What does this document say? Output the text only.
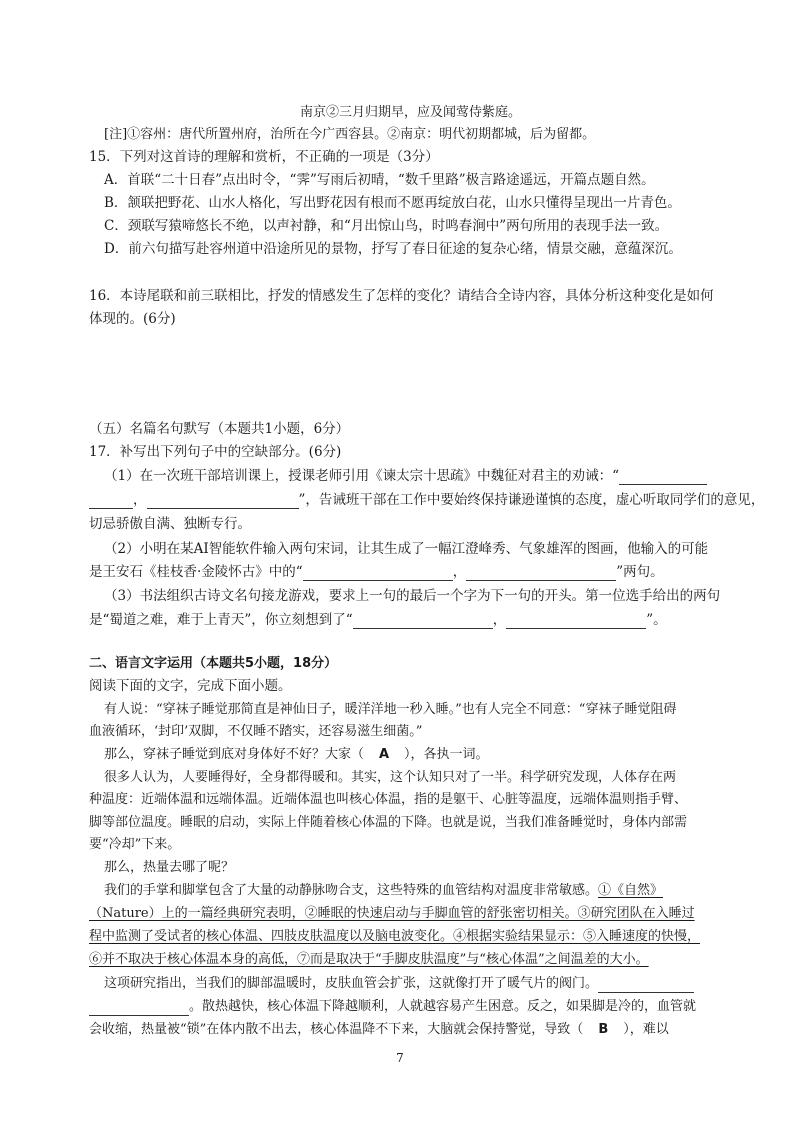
南京②三月归期早，应及闻莺侍紫庭。
[注]①容州：唐代所置州府，治所在今广西容县。②南京：明代初期都城，后为留都。
15．下列对这首诗的理解和赏析，不正确的一项是（3分）
A．首联“二十日春”点出时令，“霁”写雨后初晴，“数千里路”极言路途遥远，开篇点题自然。
B．颔联把野花、山水人格化，写出野花因有根而不愿再绽放白花，山水只懂得呈现出一片青色。
C．颈联写猿啼悠长不绝，以声衬静，和“月出惊山鸟，时鸣春涧中”两句所用的表现手法一致。
D．前六句描写赴容州道中沿途所见的景物，抒写了春日征途的复杂心绪，情景交融，意蕴深沉。
16．本诗尾联和前三联相比，抒发的情感发生了怎样的变化？请结合全诗内容，具体分析这种变化是如何
体现的。(6分)
（五）名篇名句默写（本题共1小题，6分）
17．补写出下列句子中的空缺部分。(6分)
（1）在一次班干部培训课上，授课老师引用《谏太宗十思疏》中魏征对君主的劝诫：“
，	”，告诫班干部在工作中要始终保持谦逊谨慎的态度，虚心听取同学们的意见，
切忌骄傲自满、独断专行。
（2）小明在某AI智能软件输入两句宋词，让其生成了一幅江澄峰秀、气象雄浑的图画，他输入的可能
是王安石《桂枝香·金陵怀古》中的“	，	”两句。
（3）书法组织古诗文名句接龙游戏，要求上一句的最后一个字为下一句的开头。第一位选手给出的两句
是“蜀道之难，难于上青天”，你立刻想到了“	，	”。
二、语言文字运用（本题共5小题，18分）
阅读下面的文字，完成下面小题。
有人说：“穿袜子睡觉那简直是神仙日子，暖洋洋地一秒入睡。”也有人完全不同意：“穿袜子睡觉阻碍
血液循环，‘封印’双脚，不仅睡不踏实，还容易滋生细菌。”
那么，穿袜子睡觉到底对身体好不好？大家（ A ），各执一词。
很多人认为，人要睡得好，全身都得暖和。其实，这个认知只对了一半。科学研究发现，人体存在两
种温度：近端体温和远端体温。近端体温也叫核心体温，指的是躯干、心脏等温度，远端体温则指手臂、
脚等部位温度。睡眠的启动，实际上伴随着核心体温的下降。也就是说，当我们准备睡觉时，身体内部需
要“冷却”下来。
那么，热量去哪了呢？
我们的手掌和脚掌包含了大量的动静脉吻合支，这些特殊的血管结构对温度非常敏感。①《自然》
（Nature）上的一篇经典研究表明，②睡眠的快速启动与手脚血管的舒张密切相关。③研究团队在入睡过
程中监测了受试者的核心体温、四肢皮肤温度以及脑电波变化。④根据实验结果显示：⑤入睡速度的快慢，
⑥并不取决于核心体温本身的高低，⑦而是取决于“手脚皮肤温度”与“核心体温”之间温差的大小。
这项研究指出，当我们的脚部温暖时，皮肤血管会扩张，这就像打开了暖气片的阀门。
。散热越快，核心体温下降越顺利，人就越容易产生困意。反之，如果脚是冷的，血管就
会收缩，热量被“锁”在体内散不出去，核心体温降不下来，大脑就会保持警觉，导致（ B ），难以
7
